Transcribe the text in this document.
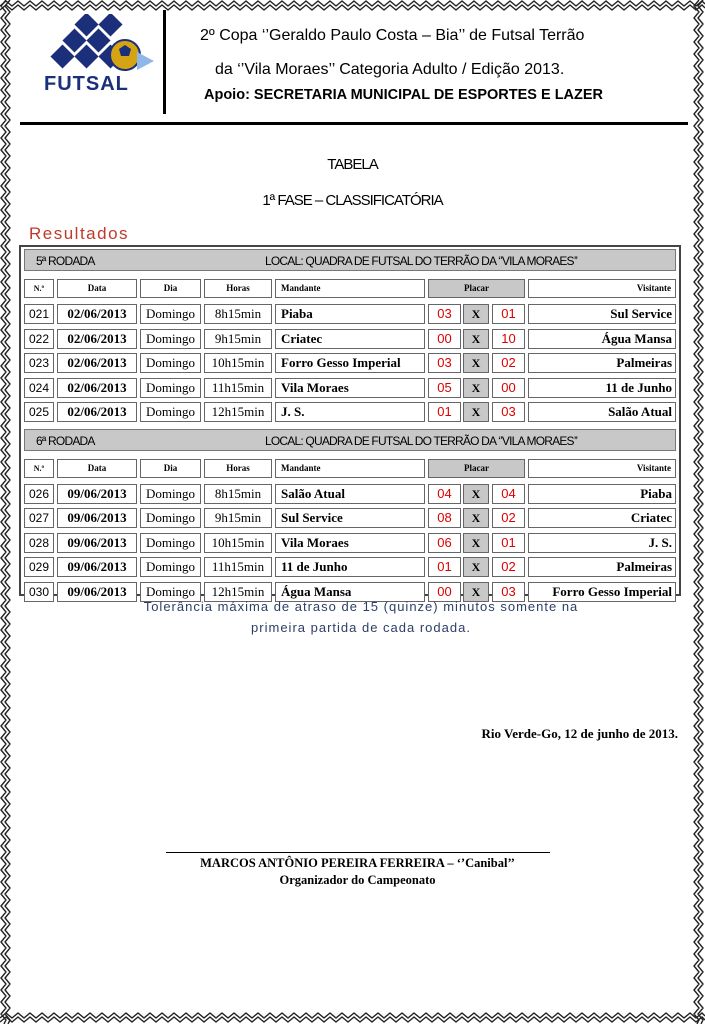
FUTSAL
2º Copa ‘’Geraldo Paulo Costa – Bia’’ de Futsal Terrão
da ‘’Vila Moraes’’ Categoria Adulto / Edição 2013.
Apoio: SECRETARIA MUNICIPAL DE ESPORTES E LAZER
TABELA
1ª FASE – CLASSIFICATÓRIA
Resultados
5ª RODADA	LOCAL: QUADRA DE FUTSAL DO TERRÃO DA ‘’VILA MORAES’’
N.º	Data	Dia	Horas	Mandante	Placar	Visitante
021	02/06/2013	Domingo	8h15min	Piaba	03	X	01	Sul Service
022	02/06/2013	Domingo	9h15min	Criatec	00	X	10	Água Mansa
023	02/06/2013	Domingo	10h15min	Forro Gesso Imperial	03	X	02	Palmeiras
024	02/06/2013	Domingo	11h15min	Vila Moraes	05	X	00	11 de Junho
025	02/06/2013	Domingo	12h15min	J. S.	01	X	03	Salão Atual
6ª RODADA	LOCAL: QUADRA DE FUTSAL DO TERRÃO DA ‘’VILA MORAES’’
N.º	Data	Dia	Horas	Mandante	Placar	Visitante
026	09/06/2013	Domingo	8h15min	Salão Atual	04	X	04	Piaba
027	09/06/2013	Domingo	9h15min	Sul Service	08	X	02	Criatec
028	09/06/2013	Domingo	10h15min	Vila Moraes	06	X	01	J. S.
029	09/06/2013	Domingo	11h15min	11 de Junho	01	X	02	Palmeiras
030	09/06/2013	Domingo	12h15min	Água Mansa	00	X	03	Forro Gesso Imperial
Tolerância máxima de atraso de 15 (quinze) minutos somente na
primeira partida de cada rodada.
Rio Verde-Go, 12 de junho de 2013.
MARCOS ANTÔNIO PEREIRA FERREIRA – ‘’Canibal’’
Organizador do Campeonato
